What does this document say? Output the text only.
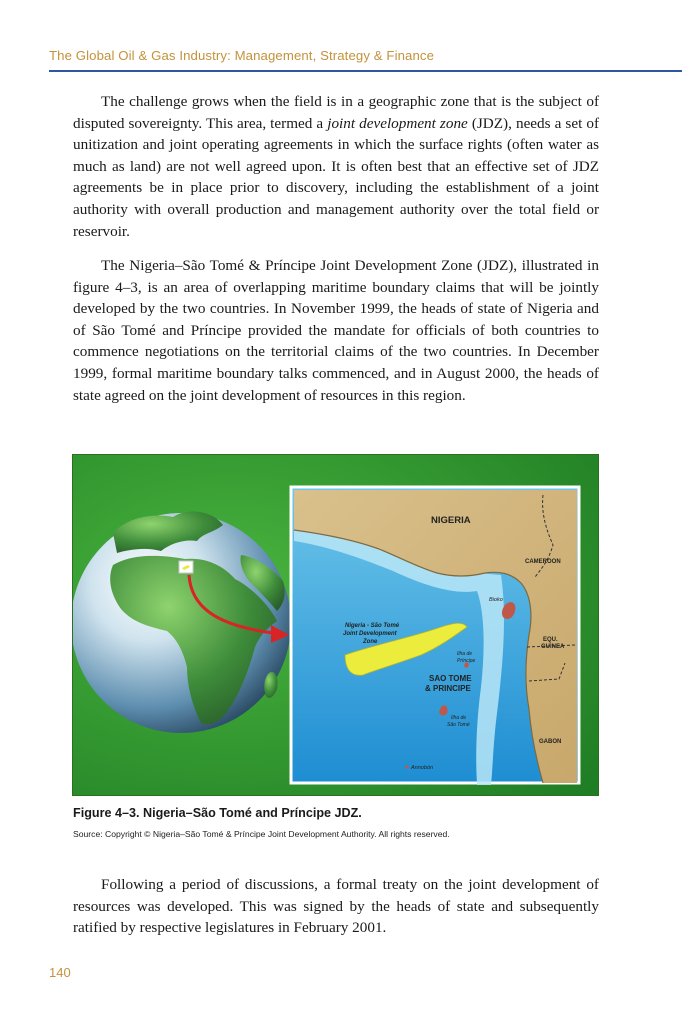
The Global Oil & Gas Industry: Management, Strategy & Finance

The challenge grows when the field is in a geographic zone that is the subject of disputed sovereignty. This area, termed a joint development zone (JDZ), needs a set of unitization and joint operating agreements in which the surface rights (often water as much as land) are not well agreed upon. It is often best that an effective set of JDZ agreements be in place prior to discovery, including the establishment of a joint authority with overall production and management authority over the total field or reservoir.

The Nigeria–São Tomé & Príncipe Joint Development Zone (JDZ), illustrated in figure 4–3, is an area of overlapping maritime boundary claims that will be jointly developed by the two countries. In November 1999, the heads of state of Nigeria and of São Tomé and Príncipe provided the mandate for officials of both countries to commence negotiations on the territorial claims of the two countries. In December 1999, formal maritime boundary talks commenced, and in August 2000, the heads of state agreed on the joint development of resources in this region.

NIGERIA
CAMEROON
Bioko
Nigeria - São Tomé
Joint Development
Zone
Ilha de
Príncipe
SAO TOME
& PRINCIPE
EQU.
GUINEA
Ilha de
São Tomé
GABON
Annobón
Figure 4–3. Nigeria–São Tomé and Príncipe JDZ.
Source: Copyright © Nigeria–São Tomé & Príncipe Joint Development Authority. All rights reserved.

Following a period of discussions, a formal treaty on the joint development of resources was developed. This was signed by the heads of state and subsequently ratified by respective legislatures in February 2001.

140
